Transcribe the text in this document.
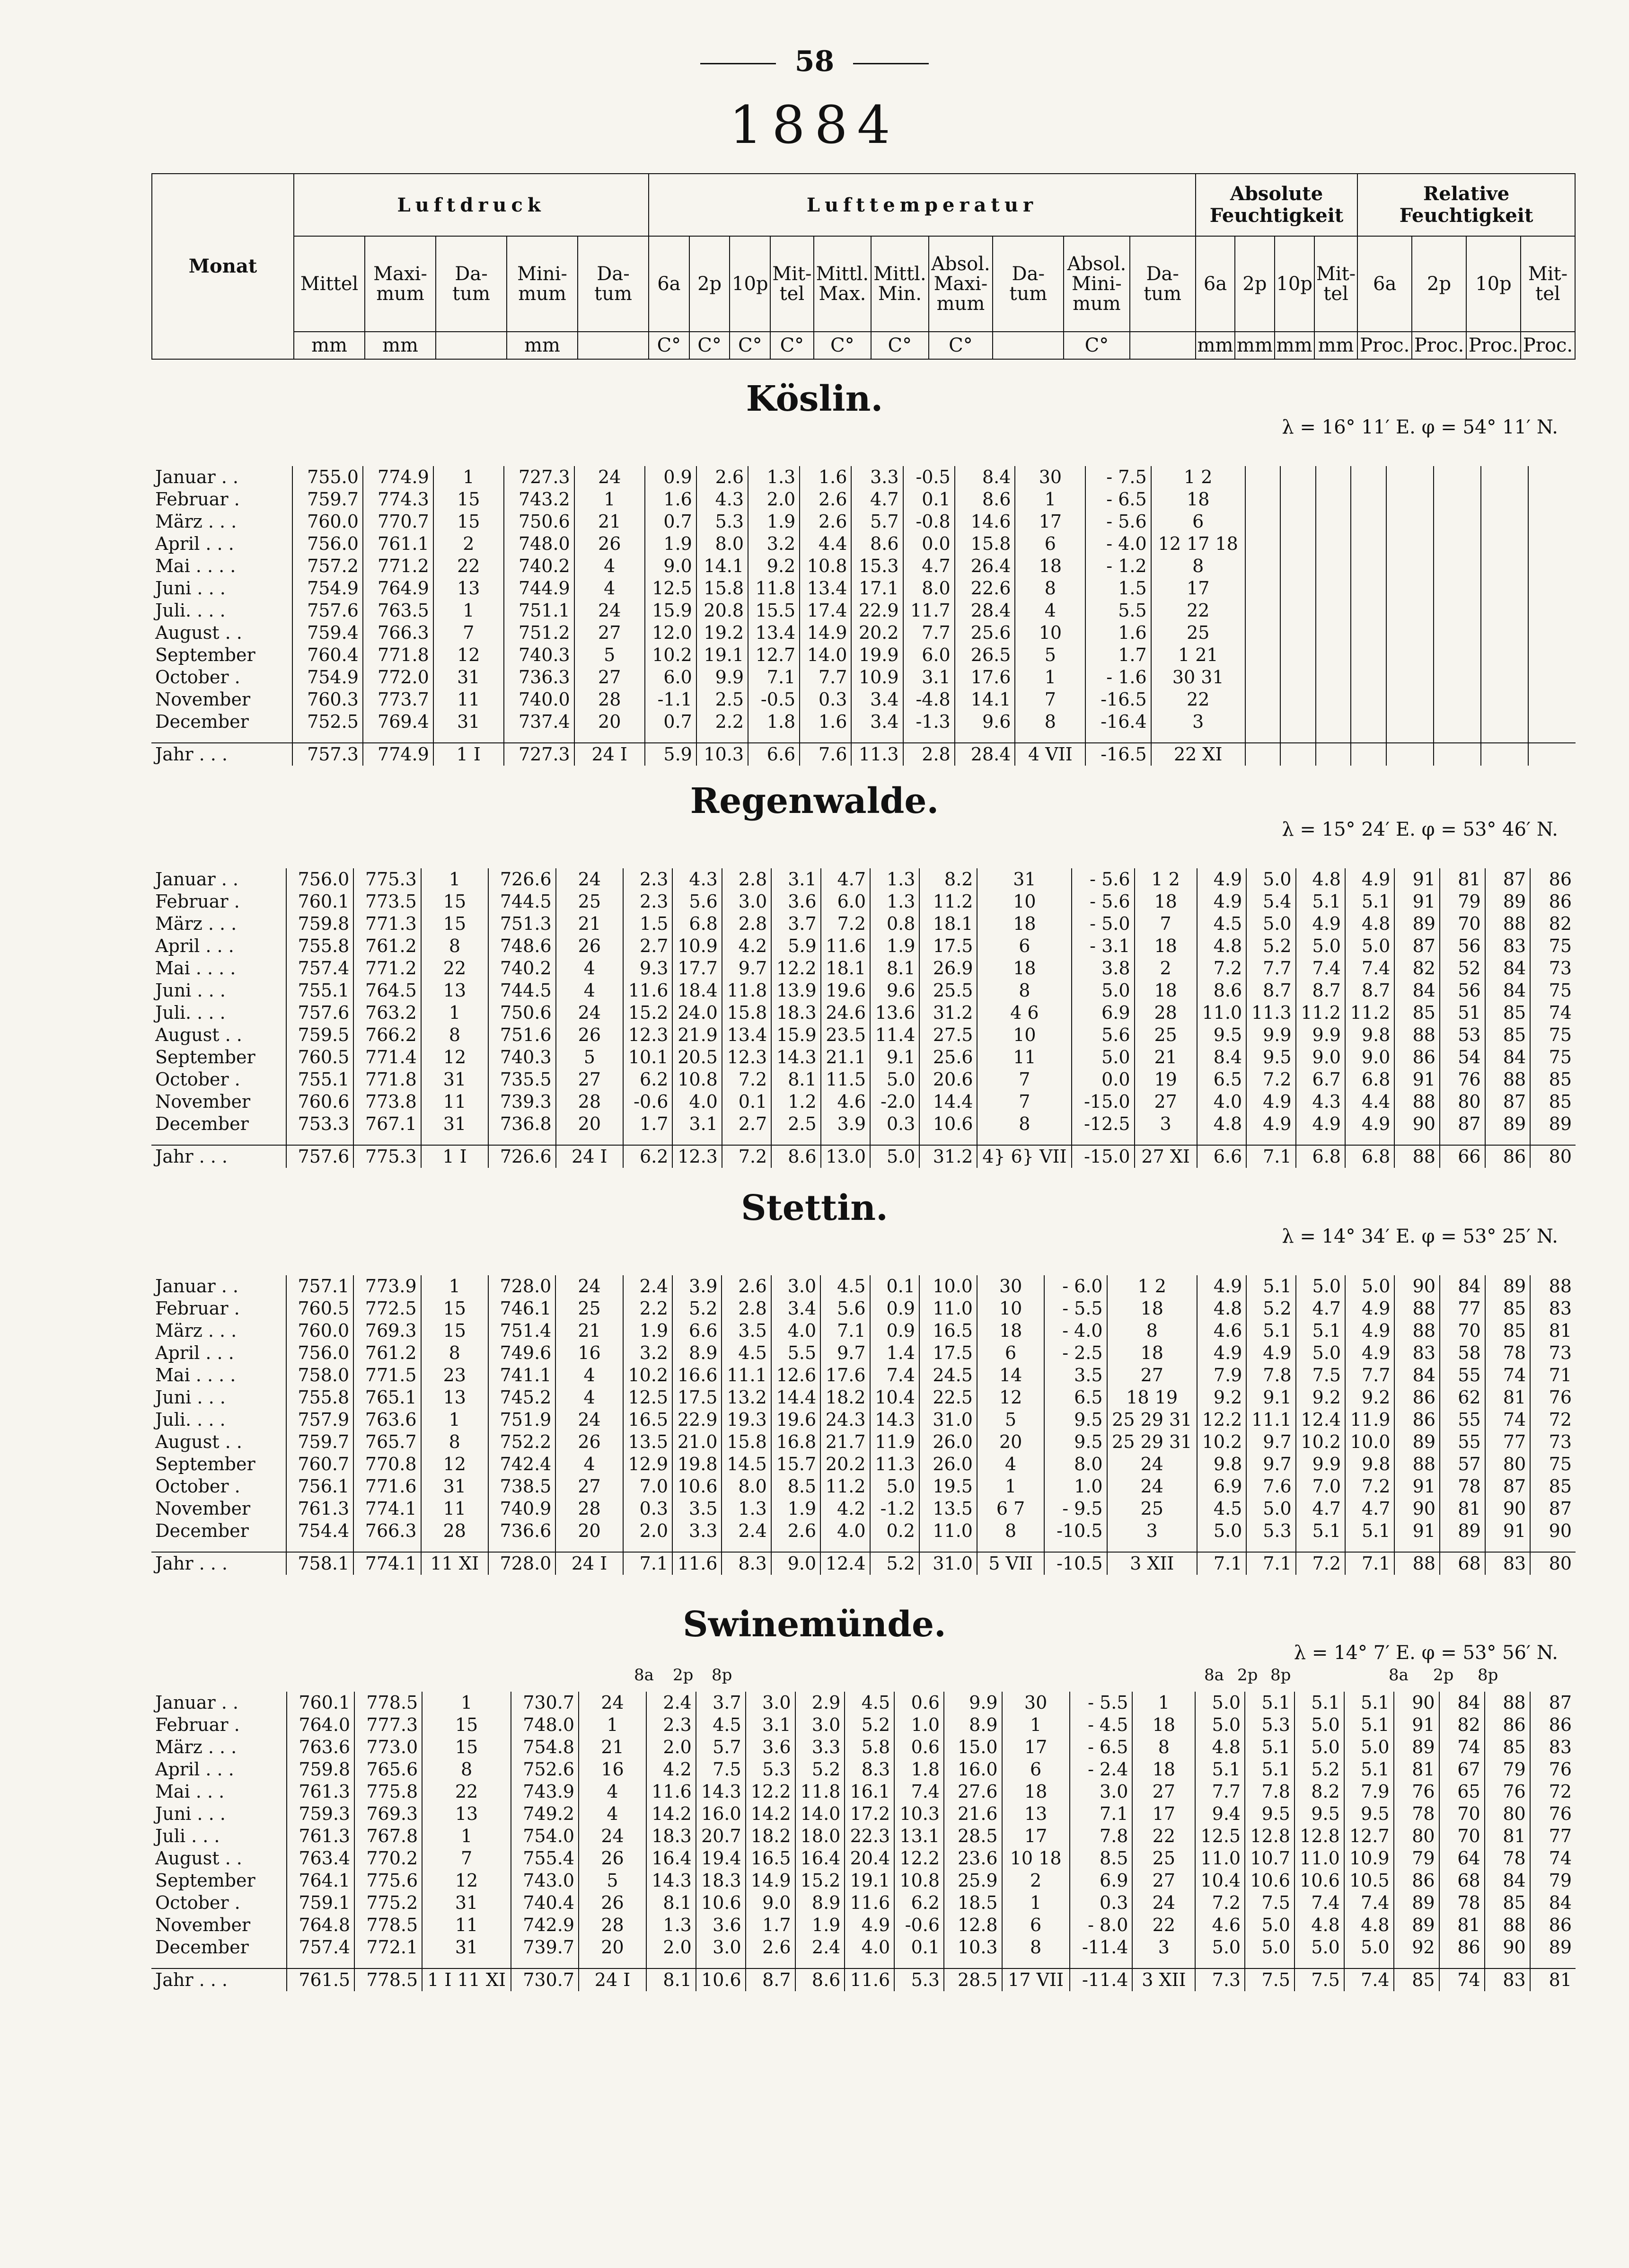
58
1884
Monat	Luftdruck					Lufttemperatur										Absolute Feuchtigkeit				Relative Feuchtigkeit			
	Mittel	Maxi-mum	Da-tum	Mini-mum	Da-tum	6a	2p	10p	Mit-tel	Mittl. Max.	Mittl. Min.	Absol. Maxi-mum	Da-tum	Absol. Mini-mum	Da-tum	6a	2p	10p	Mit-tel	6a	2p	10p	Mit-tel
	mm	mm		mm		C°	C°	C°	C°	C°	C°	C°		C°		mm	mm	mm	mm	Proc.	Proc.	Proc.	Proc.
Köslin.
λ = 16° 11′ E. φ = 54° 11′ N.
Januar . .	755.0	774.9	1	727.3	24	0.9	2.6	1.3	1.6	3.3	-0.5	8.4	30	- 7.5	1 2								
Februar .	759.7	774.3	15	743.2	1	1.6	4.3	2.0	2.6	4.7	0.1	8.6	1	- 6.5	18								
März . . .	760.0	770.7	15	750.6	21	0.7	5.3	1.9	2.6	5.7	-0.8	14.6	17	- 5.6	6								
April . . .	756.0	761.1	2	748.0	26	1.9	8.0	3.2	4.4	8.6	0.0	15.8	6	- 4.0	12 17 18								
Mai . . . .	757.2	771.2	22	740.2	4	9.0	14.1	9.2	10.8	15.3	4.7	26.4	18	- 1.2	8								
Juni . . .	754.9	764.9	13	744.9	4	12.5	15.8	11.8	13.4	17.1	8.0	22.6	8	1.5	17								
Juli. . . .	757.6	763.5	1	751.1	24	15.9	20.8	15.5	17.4	22.9	11.7	28.4	4	5.5	22								
August . .	759.4	766.3	7	751.2	27	12.0	19.2	13.4	14.9	20.2	7.7	25.6	10	1.6	25								
September	760.4	771.8	12	740.3	5	10.2	19.1	12.7	14.0	19.9	6.0	26.5	5	1.7	1 21								
October .	754.9	772.0	31	736.3	27	6.0	9.9	7.1	7.7	10.9	3.1	17.6	1	- 1.6	30 31								
November	760.3	773.7	11	740.0	28	-1.1	2.5	-0.5	0.3	3.4	-4.8	14.1	7	-16.5	22								
December	752.5	769.4	31	737.4	20	0.7	2.2	1.8	1.6	3.4	-1.3	9.6	8	-16.4	3								

Jahr . . .	757.3	774.9	1 I	727.3	24 I	5.9	10.3	6.6	7.6	11.3	2.8	28.4	4 VII	-16.5	22 XI								
Regenwalde.
λ = 15° 24′ E. φ = 53° 46′ N.
Januar . .	756.0	775.3	1	726.6	24	2.3	4.3	2.8	3.1	4.7	1.3	8.2	31	- 5.6	1 2	4.9	5.0	4.8	4.9	91	81	87	86
Februar .	760.1	773.5	15	744.5	25	2.3	5.6	3.0	3.6	6.0	1.3	11.2	10	- 5.6	18	4.9	5.4	5.1	5.1	91	79	89	86
März . . .	759.8	771.3	15	751.3	21	1.5	6.8	2.8	3.7	7.2	0.8	18.1	18	- 5.0	7	4.5	5.0	4.9	4.8	89	70	88	82
April . . .	755.8	761.2	8	748.6	26	2.7	10.9	4.2	5.9	11.6	1.9	17.5	6	- 3.1	18	4.8	5.2	5.0	5.0	87	56	83	75
Mai . . . .	757.4	771.2	22	740.2	4	9.3	17.7	9.7	12.2	18.1	8.1	26.9	18	3.8	2	7.2	7.7	7.4	7.4	82	52	84	73
Juni . . .	755.1	764.5	13	744.5	4	11.6	18.4	11.8	13.9	19.6	9.6	25.5	8	5.0	18	8.6	8.7	8.7	8.7	84	56	84	75
Juli. . . .	757.6	763.2	1	750.6	24	15.2	24.0	15.8	18.3	24.6	13.6	31.2	4 6	6.9	28	11.0	11.3	11.2	11.2	85	51	85	74
August . .	759.5	766.2	8	751.6	26	12.3	21.9	13.4	15.9	23.5	11.4	27.5	10	5.6	25	9.5	9.9	9.9	9.8	88	53	85	75
September	760.5	771.4	12	740.3	5	10.1	20.5	12.3	14.3	21.1	9.1	25.6	11	5.0	21	8.4	9.5	9.0	9.0	86	54	84	75
October .	755.1	771.8	31	735.5	27	6.2	10.8	7.2	8.1	11.5	5.0	20.6	7	0.0	19	6.5	7.2	6.7	6.8	91	76	88	85
November	760.6	773.8	11	739.3	28	-0.6	4.0	0.1	1.2	4.6	-2.0	14.4	7	-15.0	27	4.0	4.9	4.3	4.4	88	80	87	85
December	753.3	767.1	31	736.8	20	1.7	3.1	2.7	2.5	3.9	0.3	10.6	8	-12.5	3	4.8	4.9	4.9	4.9	90	87	89	89

Jahr . . .	757.6	775.3	1 I	726.6	24 I	6.2	12.3	7.2	8.6	13.0	5.0	31.2	4} 6} VII	-15.0	27 XI	6.6	7.1	6.8	6.8	88	66	86	80
Stettin.
λ = 14° 34′ E. φ = 53° 25′ N.
Januar . .	757.1	773.9	1	728.0	24	2.4	3.9	2.6	3.0	4.5	0.1	10.0	30	- 6.0	1 2	4.9	5.1	5.0	5.0	90	84	89	88
Februar .	760.5	772.5	15	746.1	25	2.2	5.2	2.8	3.4	5.6	0.9	11.0	10	- 5.5	18	4.8	5.2	4.7	4.9	88	77	85	83
März . . .	760.0	769.3	15	751.4	21	1.9	6.6	3.5	4.0	7.1	0.9	16.5	18	- 4.0	8	4.6	5.1	5.1	4.9	88	70	85	81
April . . .	756.0	761.2	8	749.6	16	3.2	8.9	4.5	5.5	9.7	1.4	17.5	6	- 2.5	18	4.9	4.9	5.0	4.9	83	58	78	73
Mai . . . .	758.0	771.5	23	741.1	4	10.2	16.6	11.1	12.6	17.6	7.4	24.5	14	3.5	27	7.9	7.8	7.5	7.7	84	55	74	71
Juni . . .	755.8	765.1	13	745.2	4	12.5	17.5	13.2	14.4	18.2	10.4	22.5	12	6.5	18 19	9.2	9.1	9.2	9.2	86	62	81	76
Juli. . . .	757.9	763.6	1	751.9	24	16.5	22.9	19.3	19.6	24.3	14.3	31.0	5	9.5	25 29 31	12.2	11.1	12.4	11.9	86	55	74	72
August . .	759.7	765.7	8	752.2	26	13.5	21.0	15.8	16.8	21.7	11.9	26.0	20	9.5	25 29 31	10.2	9.7	10.2	10.0	89	55	77	73
September	760.7	770.8	12	742.4	4	12.9	19.8	14.5	15.7	20.2	11.3	26.0	4	8.0	24	9.8	9.7	9.9	9.8	88	57	80	75
October .	756.1	771.6	31	738.5	27	7.0	10.6	8.0	8.5	11.2	5.0	19.5	1	1.0	24	6.9	7.6	7.0	7.2	91	78	87	85
November	761.3	774.1	11	740.9	28	0.3	3.5	1.3	1.9	4.2	-1.2	13.5	6 7	- 9.5	25	4.5	5.0	4.7	4.7	90	81	90	87
December	754.4	766.3	28	736.6	20	2.0	3.3	2.4	2.6	4.0	0.2	11.0	8	-10.5	3	5.0	5.3	5.1	5.1	91	89	91	90

Jahr . . .	758.1	774.1	11 XI	728.0	24 I	7.1	11.6	8.3	9.0	12.4	5.2	31.0	5 VII	-10.5	3 XII	7.1	7.1	7.2	7.1	88	68	83	80
Swinemünde.
λ = 14° 7′ E. φ = 53° 56′ N.
8a 2p 8p	8a 2p 8p	8a 2p 8p
Januar . .	760.1	778.5	1	730.7	24	2.4	3.7	3.0	2.9	4.5	0.6	9.9	30	- 5.5	1	5.0	5.1	5.1	5.1	90	84	88	87
Februar .	764.0	777.3	15	748.0	1	2.3	4.5	3.1	3.0	5.2	1.0	8.9	1	- 4.5	18	5.0	5.3	5.0	5.1	91	82	86	86
März . . .	763.6	773.0	15	754.8	21	2.0	5.7	3.6	3.3	5.8	0.6	15.0	17	- 6.5	8	4.8	5.1	5.0	5.0	89	74	85	83
April . . .	759.8	765.6	8	752.6	16	4.2	7.5	5.3	5.2	8.3	1.8	16.0	6	- 2.4	18	5.1	5.1	5.2	5.1	81	67	79	76
Mai . . .	761.3	775.8	22	743.9	4	11.6	14.3	12.2	11.8	16.1	7.4	27.6	18	3.0	27	7.7	7.8	8.2	7.9	76	65	76	72
Juni . . .	759.3	769.3	13	749.2	4	14.2	16.0	14.2	14.0	17.2	10.3	21.6	13	7.1	17	9.4	9.5	9.5	9.5	78	70	80	76
Juli . . .	761.3	767.8	1	754.0	24	18.3	20.7	18.2	18.0	22.3	13.1	28.5	17	7.8	22	12.5	12.8	12.8	12.7	80	70	81	77
August . .	763.4	770.2	7	755.4	26	16.4	19.4	16.5	16.4	20.4	12.2	23.6	10 18	8.5	25	11.0	10.7	11.0	10.9	79	64	78	74
September	764.1	775.6	12	743.0	5	14.3	18.3	14.9	15.2	19.1	10.8	25.9	2	6.9	27	10.4	10.6	10.6	10.5	86	68	84	79
October .	759.1	775.2	31	740.4	26	8.1	10.6	9.0	8.9	11.6	6.2	18.5	1	0.3	24	7.2	7.5	7.4	7.4	89	78	85	84
November	764.8	778.5	11	742.9	28	1.3	3.6	1.7	1.9	4.9	-0.6	12.8	6	- 8.0	22	4.6	5.0	4.8	4.8	89	81	88	86
December	757.4	772.1	31	739.7	20	2.0	3.0	2.6	2.4	4.0	0.1	10.3	8	-11.4	3	5.0	5.0	5.0	5.0	92	86	90	89

Jahr . . .	761.5	778.5	1 I 11 XI	730.7	24 I	8.1	10.6	8.7	8.6	11.6	5.3	28.5	17 VII	-11.4	3 XII	7.3	7.5	7.5	7.4	85	74	83	81
